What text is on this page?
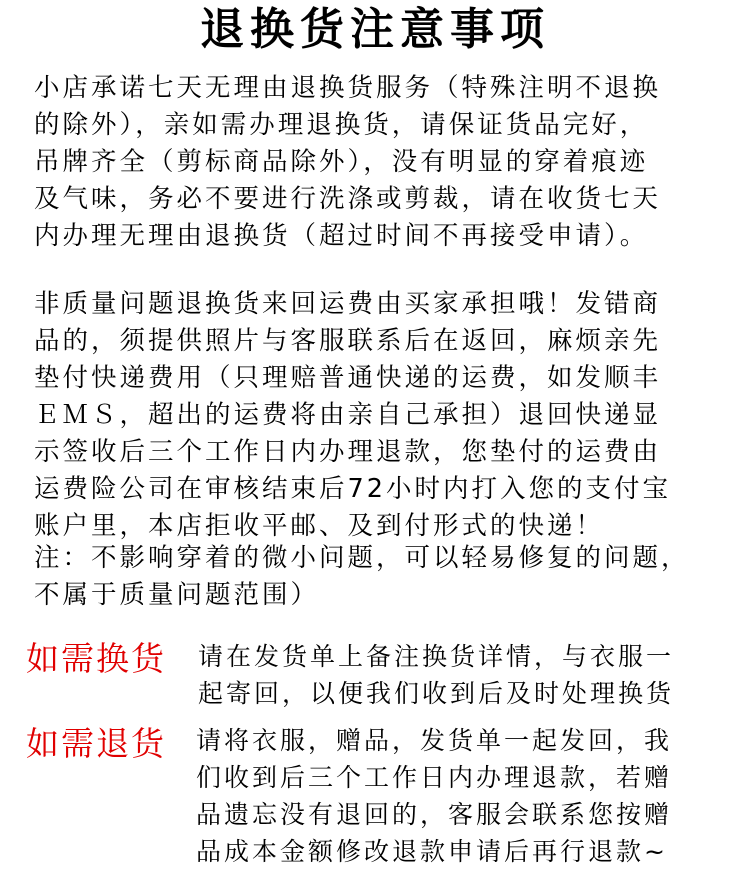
退换货注意事项
小店承诺七天无理由退换货服务（特殊注明不退换
的除外），亲如需办理退换货，请保证货品完好，
吊牌齐全（剪标商品除外），没有明显的穿着痕迹
及气味，务必不要进行洗涤或剪裁，请在收货七天
内办理无理由退换货（超过时间不再接受申请）。
非质量问题退换货来回运费由买家承担哦！发错商
品的，须提供照片与客服联系后在返回，麻烦亲先
垫付快递费用（只理赔普通快递的运费，如发顺丰
ＥＭＳ，超出的运费将由亲自己承担）退回快递显
示签收后三个工作日内办理退款，您垫付的运费由
运费险公司在审核结束后72小时内打入您的支付宝
账户里，本店拒收平邮、及到付形式的快递！
注：不影响穿着的微小问题，可以轻易修复的问题，
不属于质量问题范围）
如需换货 请在发货单上备注换货详情，与衣服一
起寄回，以便我们收到后及时处理换货
如需退货 请将衣服，赠品，发货单一起发回，我
们收到后三个工作日内办理退款，若赠
品遗忘没有退回的，客服会联系您按赠
品成本金额修改退款申请后再行退款~
